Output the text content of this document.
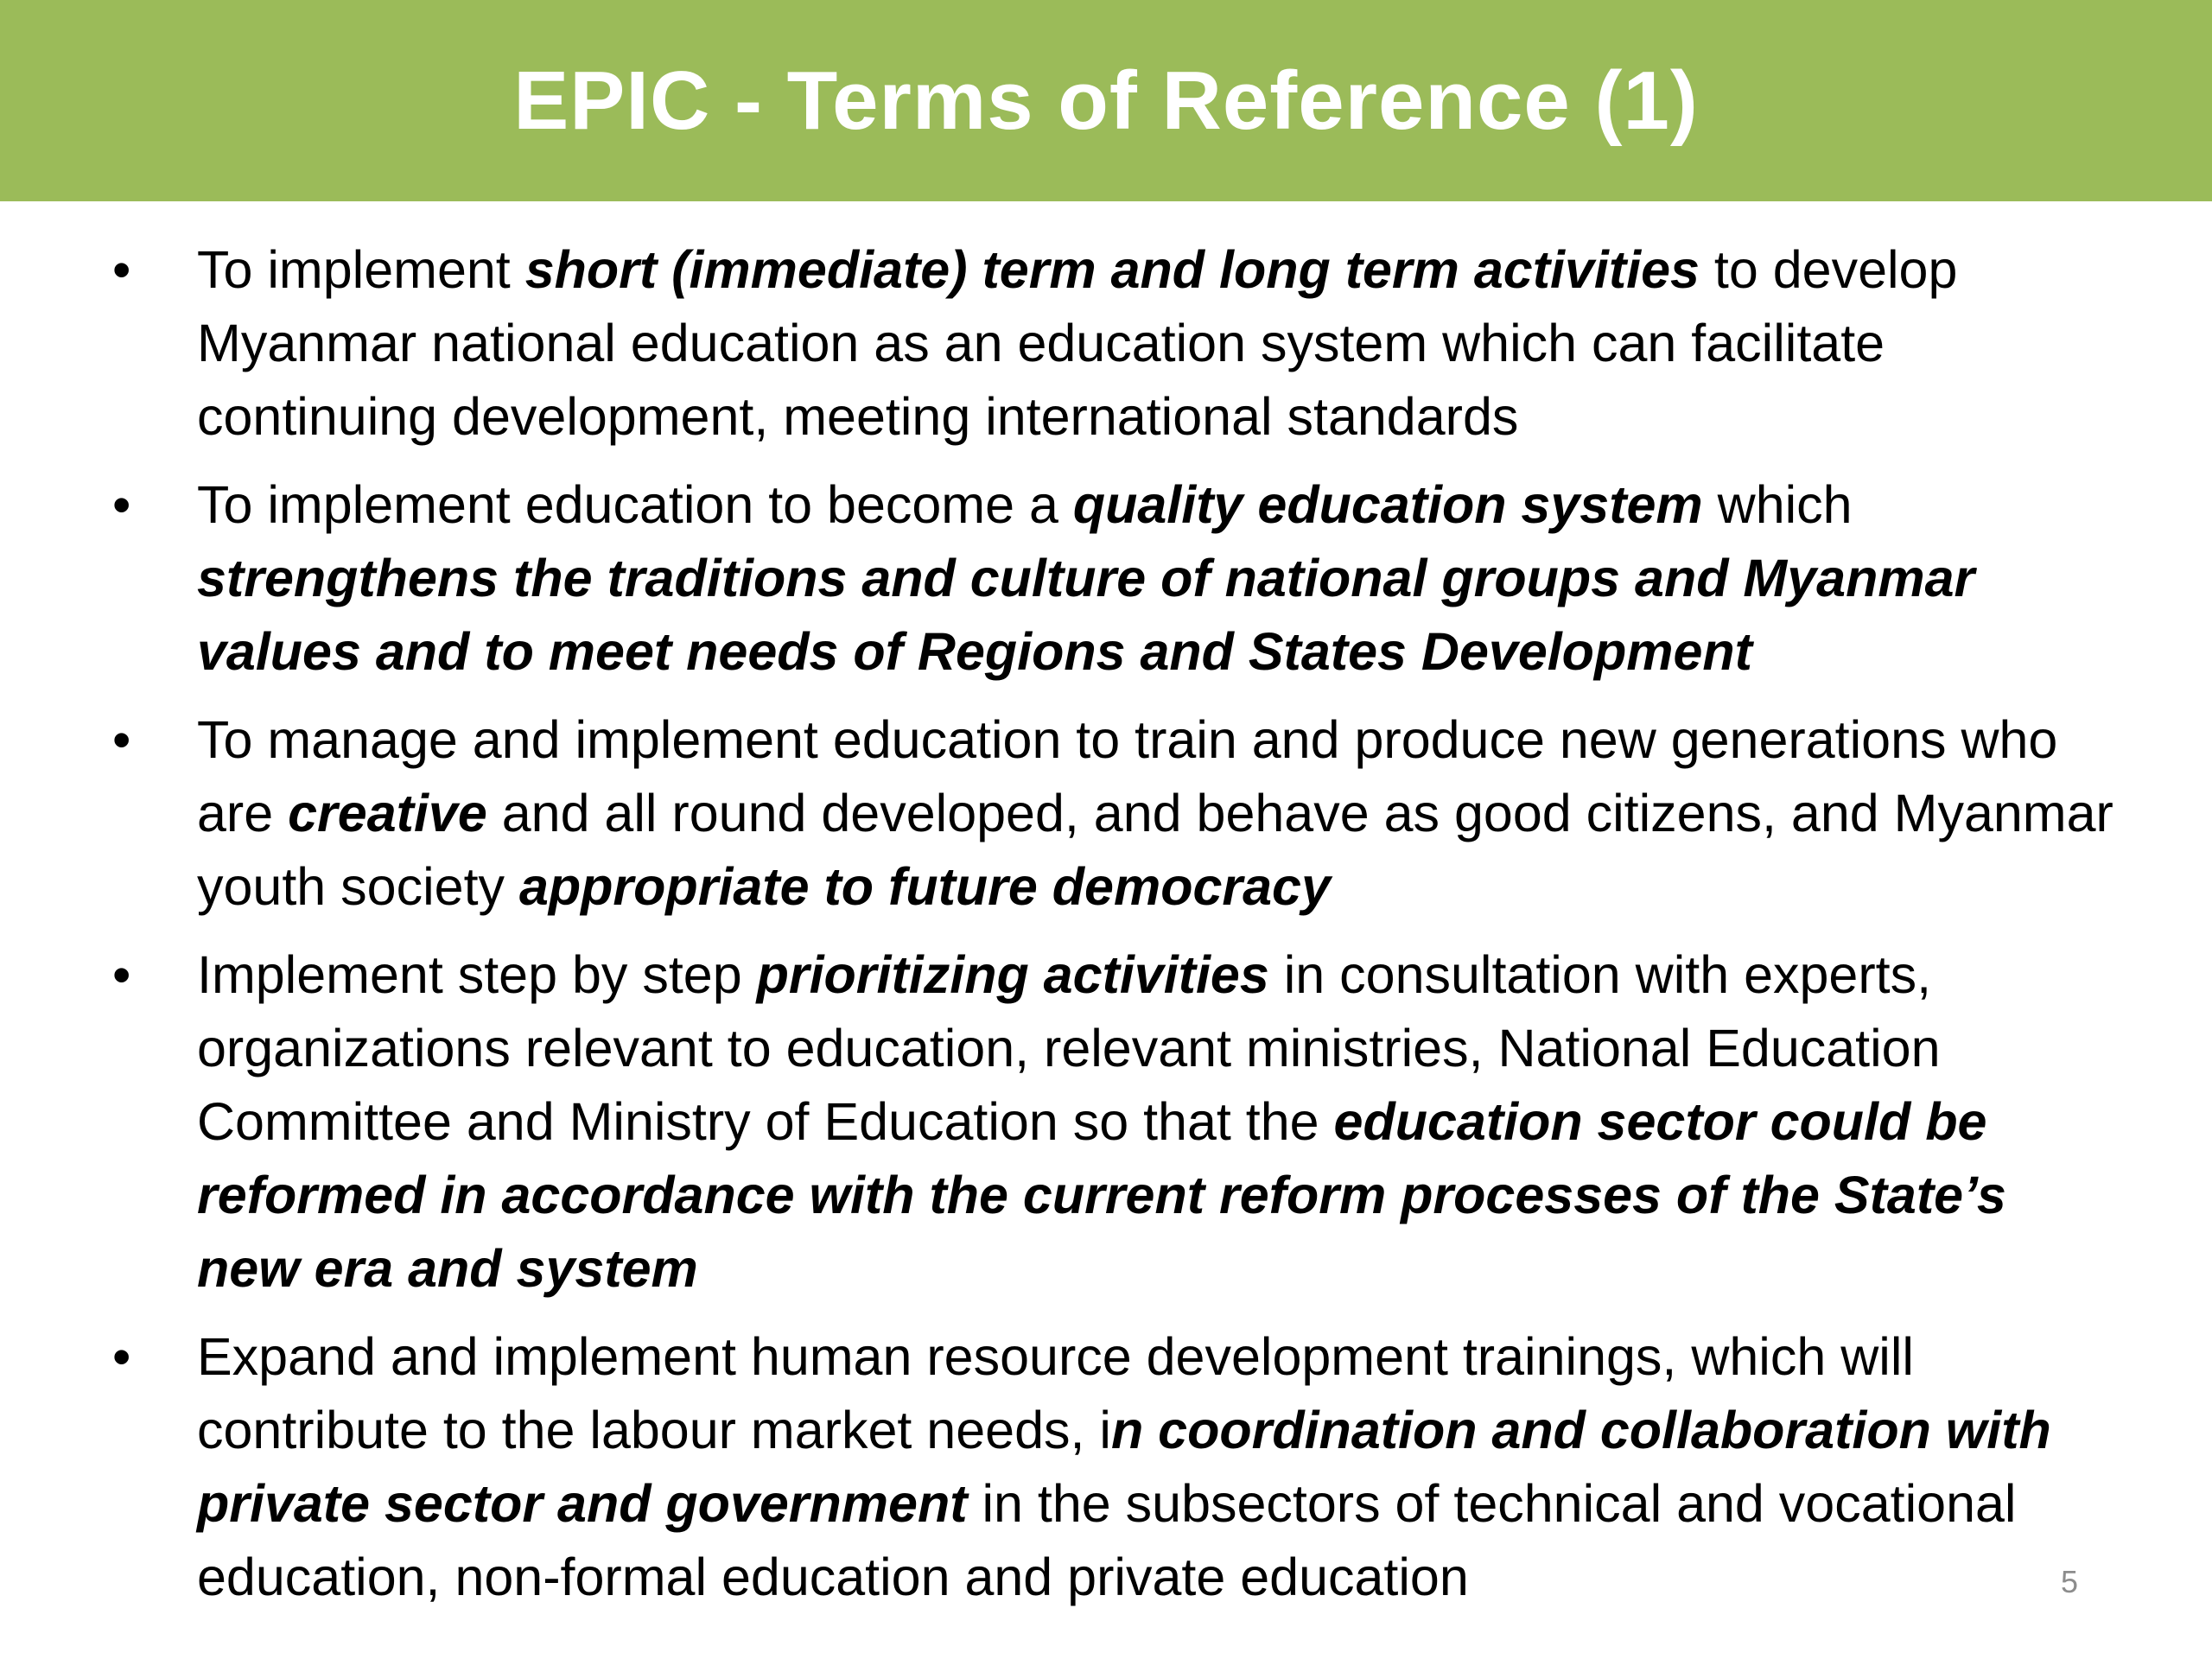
EPIC - Terms of Reference (1)
•	To implement short (immediate) term and long term activities to develop Myanmar national education as an education system which can facilitate continuing development, meeting international standards
•	To implement education to become a quality education system which strengthens the traditions and culture of national groups and Myanmar values and to meet needs of Regions and States Development
•	To manage and implement education to train and produce new generations who are creative and all round developed, and behave as good citizens, and Myanmar youth society appropriate to future democracy
•	Implement step by step prioritizing activities in consultation with experts, organizations relevant to education, relevant ministries, National Education Committee and Ministry of Education so that the education sector could be reformed in accordance with the current reform processes of the State’s new era and system
•	Expand and implement human resource development trainings, which will contribute to the labour market needs, in coordination and collaboration with private sector and government in the subsectors of technical and vocational education, non-formal education and private education	5
